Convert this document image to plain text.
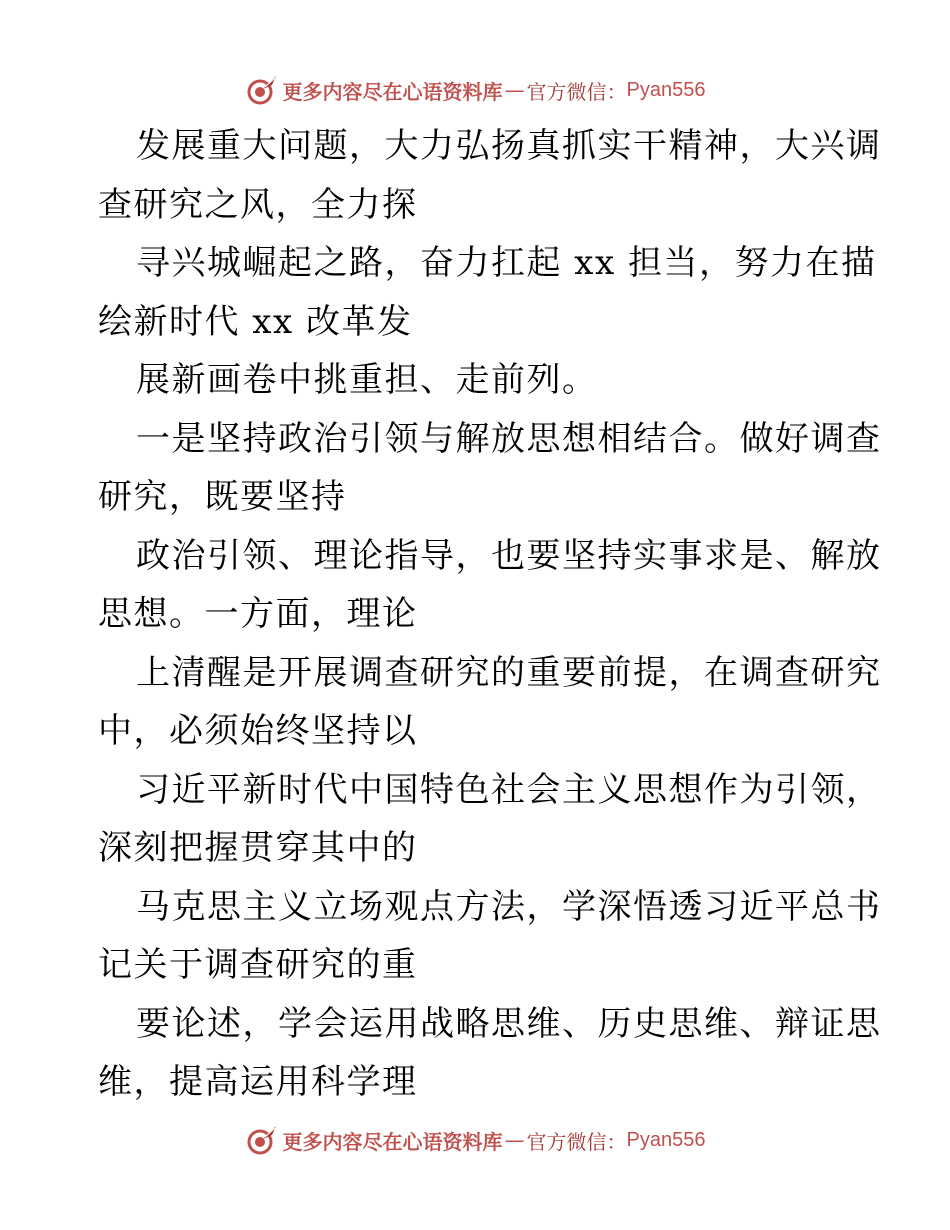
更多内容尽在心语资料库 — 官方微信： Pyan556

发展重大问题，大力弘扬真抓实干精神，大兴调
查研究之风，全力探

寻兴城崛起之路，奋力扛起 xx 担当，努力在描
绘新时代 xx 改革发

展新画卷中挑重担、走前列。

一是坚持政治引领与解放思想相结合。做好调查
研究，既要坚持

政治引领、理论指导，也要坚持实事求是、解放
思想。一方面，理论

上清醒是开展调查研究的重要前提，在调查研究
中，必须始终坚持以

习近平新时代中国特色社会主义思想作为引领，
深刻把握贯穿其中的

马克思主义立场观点方法，学深悟透习近平总书
记关于调查研究的重

要论述，学会运用战略思维、历史思维、辩证思
维，提高运用科学理

更多内容尽在心语资料库 — 官方微信： Pyan556
